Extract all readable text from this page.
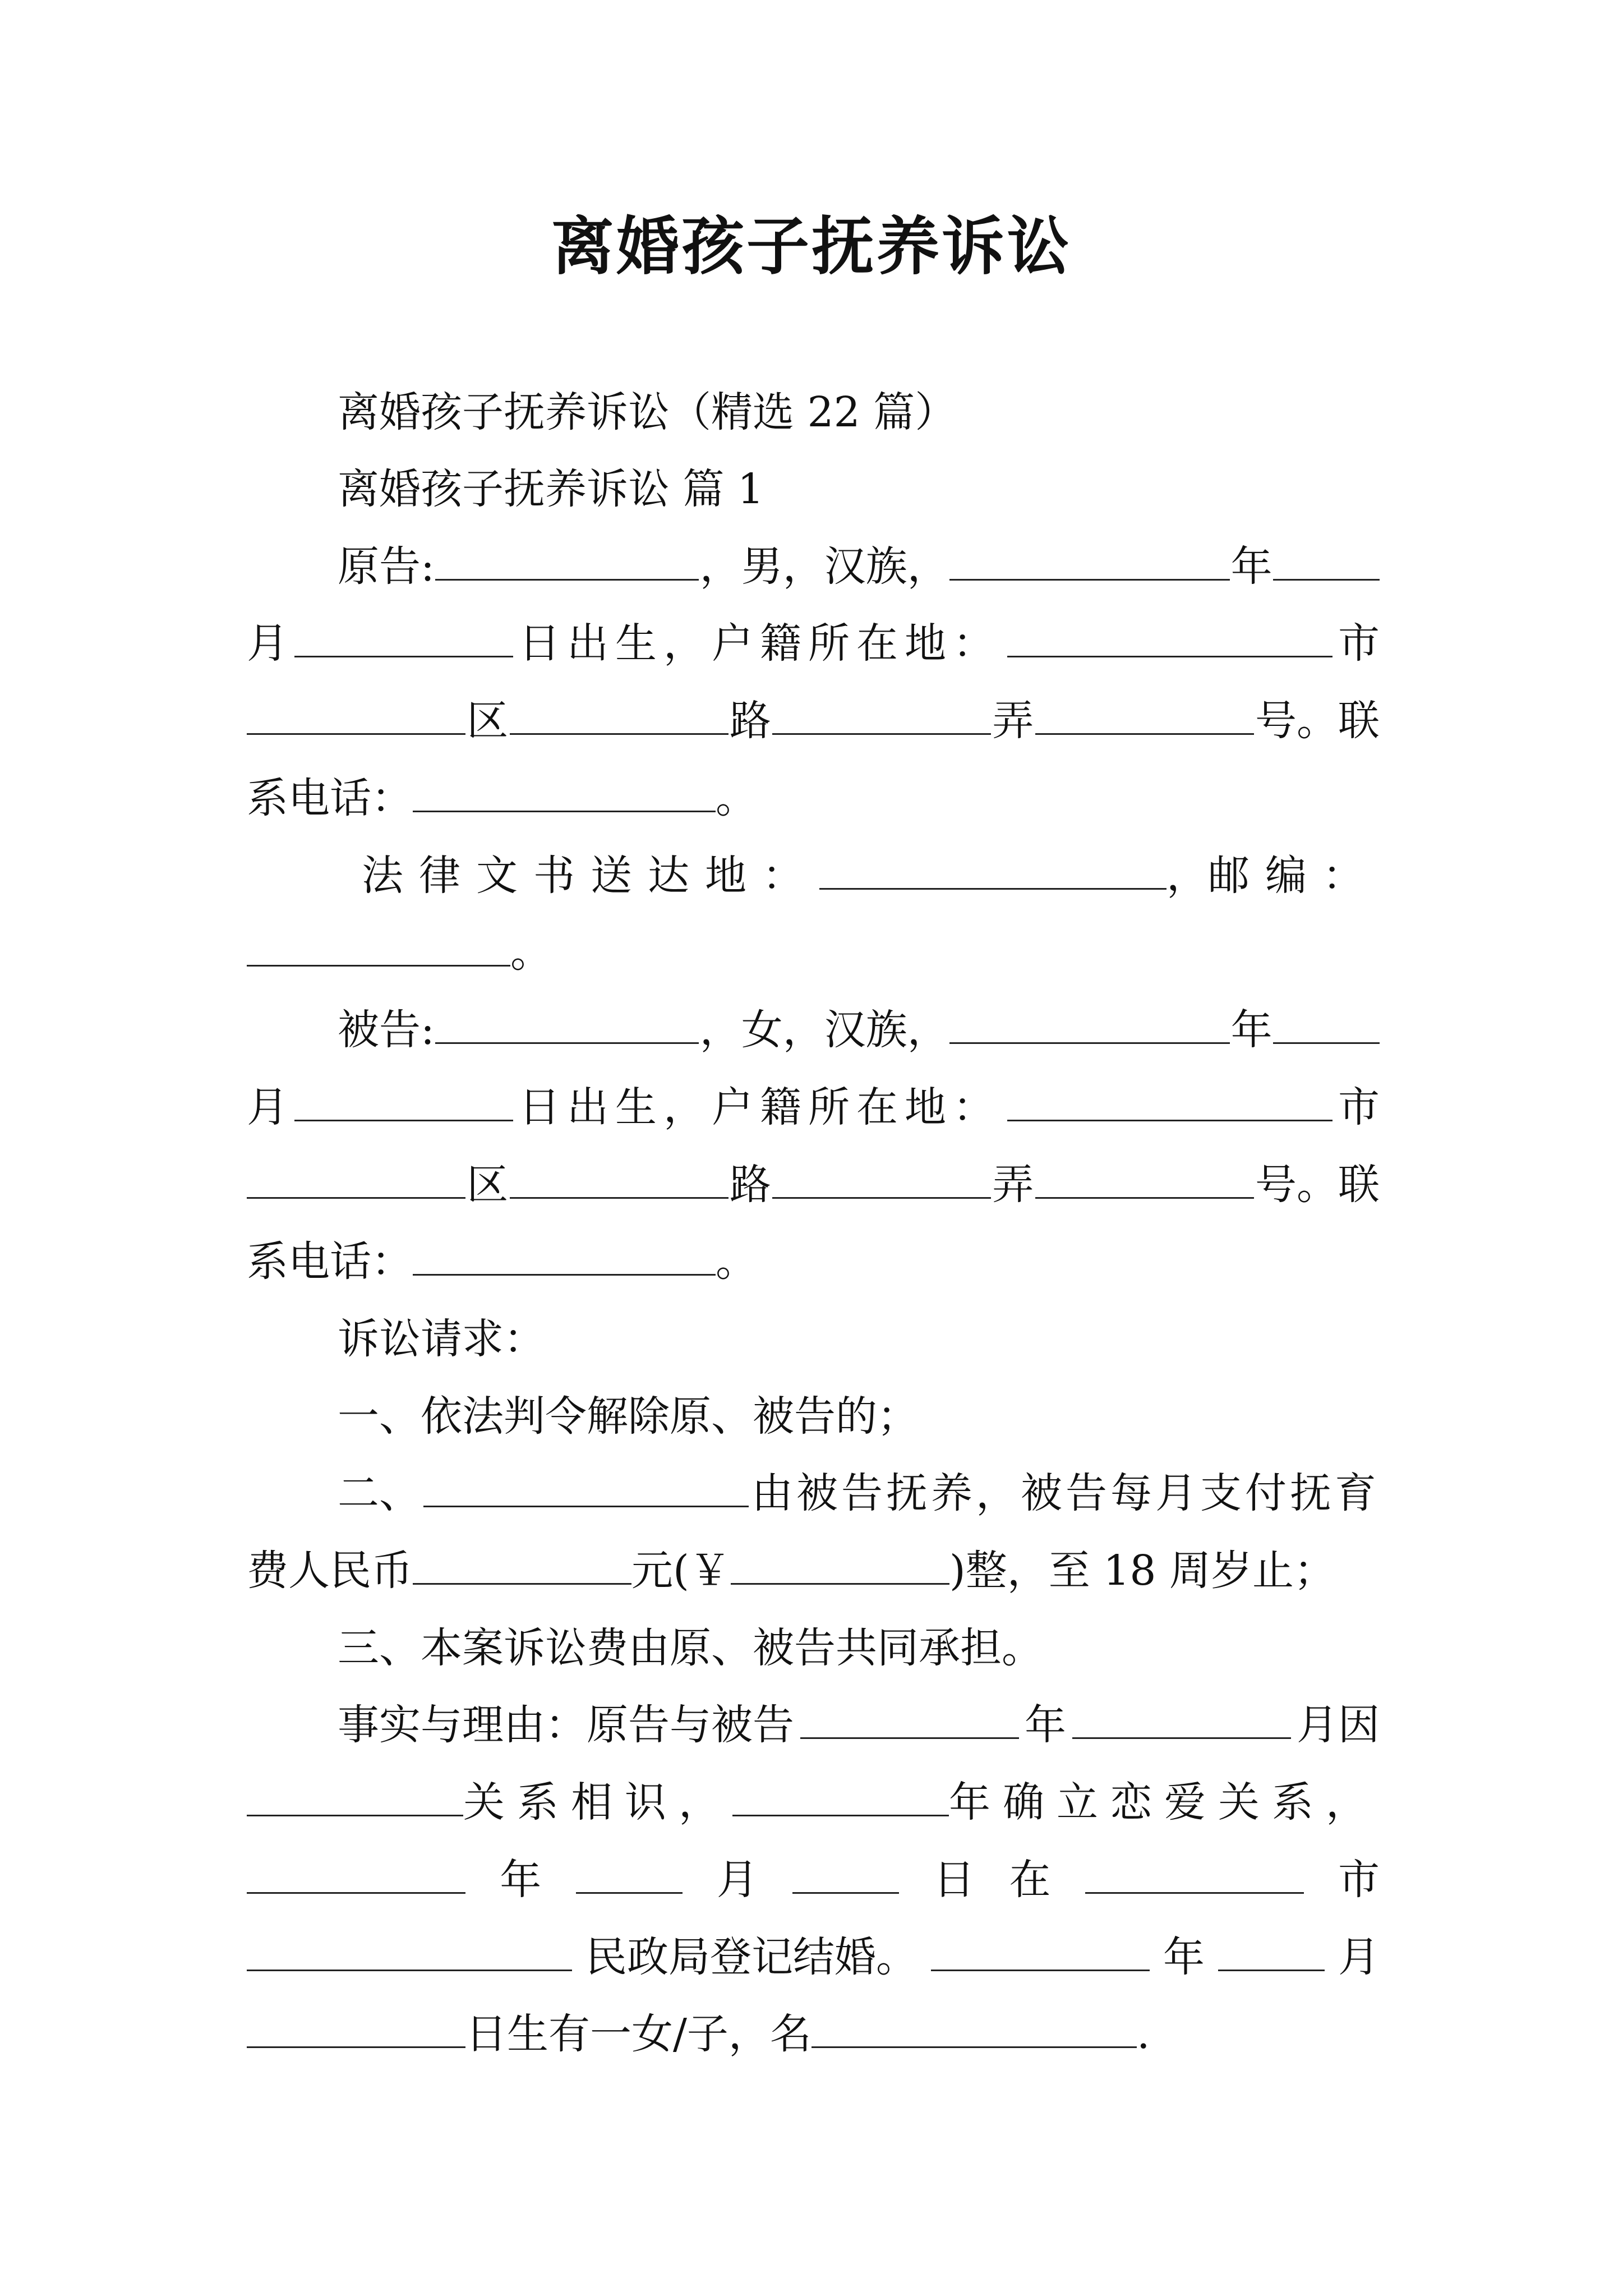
离婚孩子抚养诉讼
离婚孩子抚养诉讼（精选 22 篇）
离婚孩子抚养诉讼 篇 1
原告:	，男，汉族，	年
月	日出生，户籍所在地：	市
区	路	弄	号。联
系电话：	。
法律文书送达地：	， 邮编：
。
被告:	，女，汉族，	年
月	日出生，户籍所在地：	市
区	路	弄	号。联
系电话：	。
诉讼请求：
一、依法判令解除原、被告的；
二、	由被告抚养，被告每月支付抚育
费人民币	元(￥	)整，至 18 周岁止；
三、本案诉讼费由原、被告共同承担。
事实与理由：原告与被告	年	月因
关系相识，	年确立恋爱关系，
年	月	日 在	市
民政局登记结婚。	年	月
日生有一女/子，名	.
